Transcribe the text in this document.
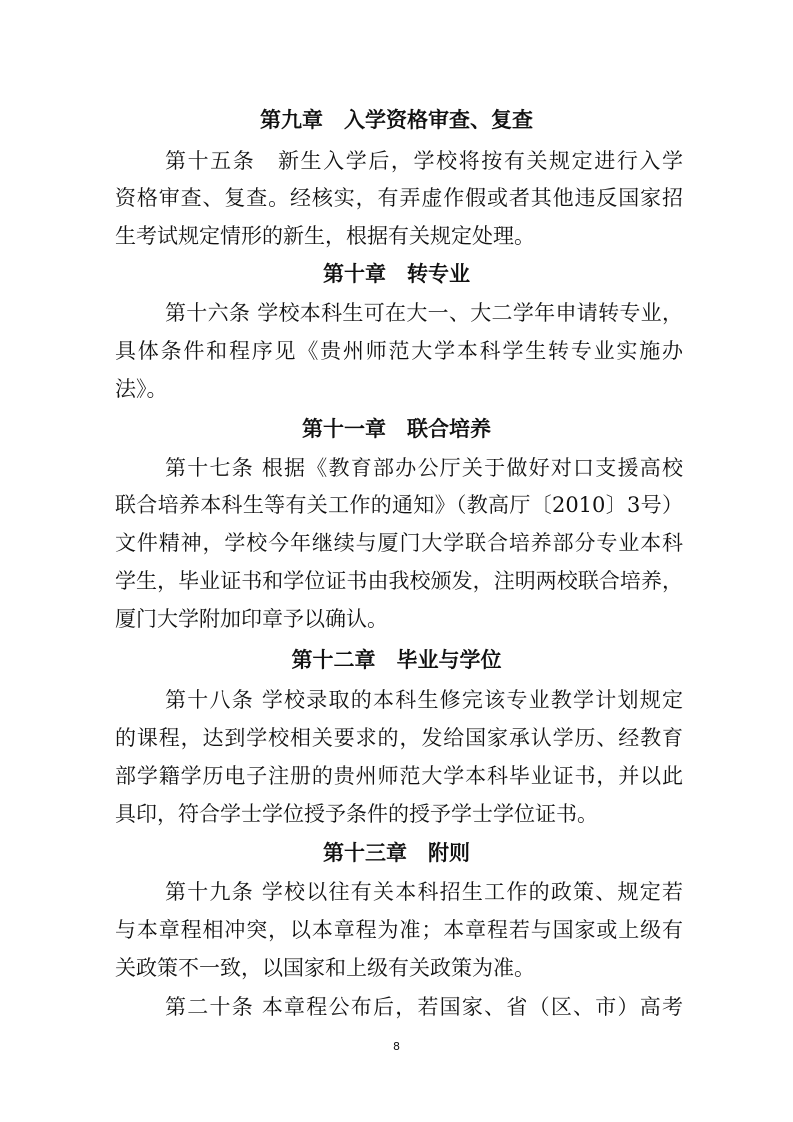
第九章　入学资格审查、复查
第十五条　新生入学后，学校将按有关规定进行入学
资格审查、复查。经核实，有弄虚作假或者其他违反国家招
生考试规定情形的新生，根据有关规定处理。
第十章　转专业
第十六条 学校本科生可在大一、大二学年申请转专业，
具体条件和程序见《贵州师范大学本科学生转专业实施办
法》。
第十一章　联合培养
第十七条 根据《教育部办公厅关于做好对口支援高校
联合培养本科生等有关工作的通知》（教高厅〔2010〕3号）
文件精神，学校今年继续与厦门大学联合培养部分专业本科
学生，毕业证书和学位证书由我校颁发，注明两校联合培养，
厦门大学附加印章予以确认。
第十二章　毕业与学位
第十八条 学校录取的本科生修完该专业教学计划规定
的课程，达到学校相关要求的，发给国家承认学历、经教育
部学籍学历电子注册的贵州师范大学本科毕业证书，并以此
具印，符合学士学位授予条件的授予学士学位证书。
第十三章　附则
第十九条 学校以往有关本科招生工作的政策、规定若
与本章程相冲突，以本章程为准；本章程若与国家或上级有
关政策不一致，以国家和上级有关政策为准。
第二十条 本章程公布后，若国家、省（区、市）高考
8
